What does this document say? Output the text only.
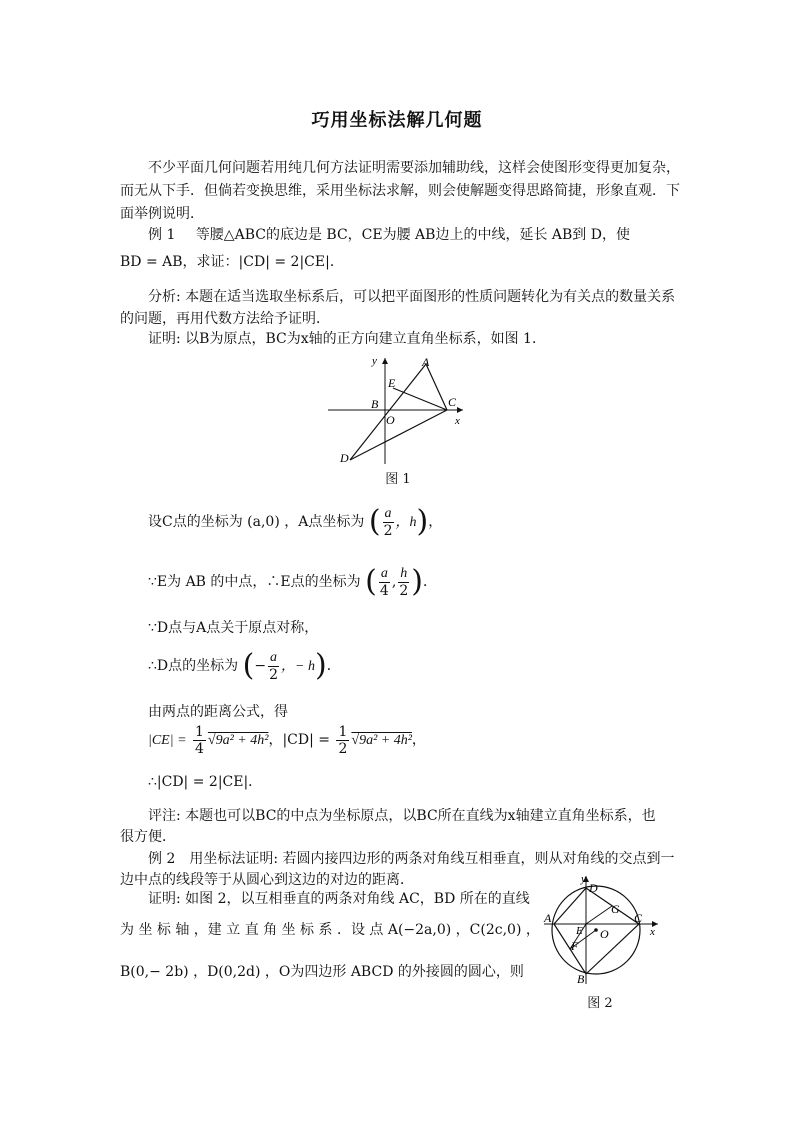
巧用坐标法解几何题
不少平面几何问题若用纯几何方法证明需要添加辅助线，这样会使图形变得更加复杂，
而无从下手．但倘若变换思维，采用坐标法求解，则会使解题变得思路简捷，形象直观．下
面举例说明．
例 1 等腰△ABC的底边是 BC，CE为腰 AB边上的中线，延长 AB到 D，使
BD = AB，求证：|CD| = 2|CE|．
分析: 本题在适当选取坐标系后，可以把平面图形的性质问题转化为有关点的数量关系
的问题，再用代数方法给予证明．
证明: 以B为原点，BC为x轴的正方向建立直角坐标系，如图 1．
A
E
B
O
C
x
y
D
图 1
设C点的坐标为 (a,0) ，A点坐标为 ( $\frac{a}{2}$ ，h)，
∵E为 AB 的中点，∴E点的坐标为 ( $\frac{a}{4}$ , $\frac{h}{2}$ )．
∵D点与A点关于原点对称，
∴D点的坐标为 (− $\frac{a}{2}$ ，− h)．
由两点的距离公式，得
$|CE| = \frac{1}{4} √9a^2 + 4h^2$，$|CD| = \frac{1}{2} √9a^2 + 4h^2$，
∴|CD| = 2|CE|．
评注: 本题也可以BC的中点为坐标原点，以BC所在直线为x轴建立直角坐标系，也
很方便．
例 2　用坐标法证明: 若圆内接四边形的两条对角线互相垂直，则从对角线的交点到一
边中点的线段等于从圆心到这边的对边的距离．
证明: 如图 2，以互相垂直的两条对角线 AC，BD 所在的直线
为 坐 标 轴 ，建 立 直 角 坐 标 系 ．设 点 A(−2a,0) ，C(2c,0) ，
B(0,− 2b) ，D(0,2d) ，O为四边形 ABCD 的外接圆的圆心，则
y
D
G
A
E O
C
x
F
B
图 2
